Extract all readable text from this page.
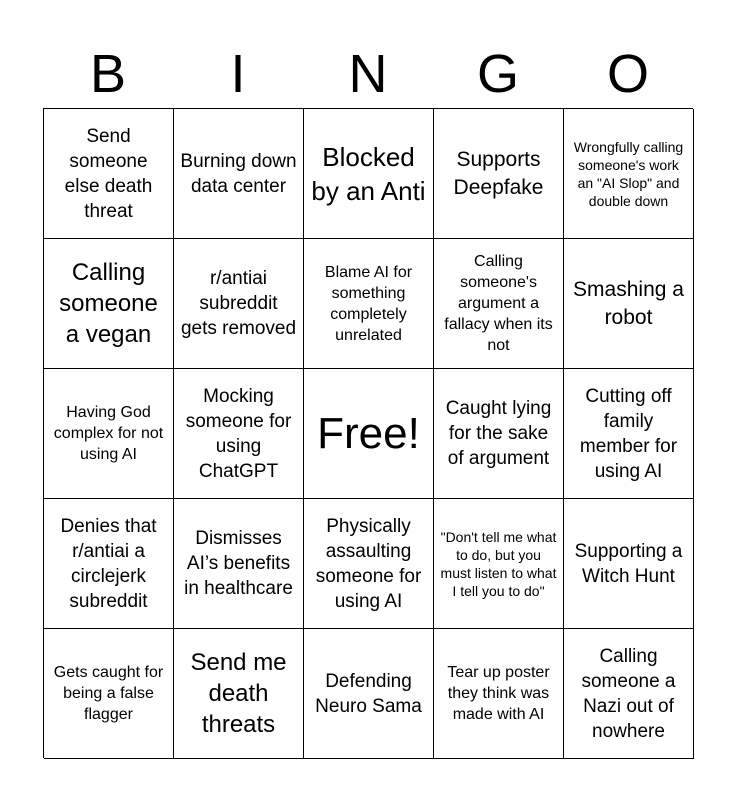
B	I	N	G	O
Send someone else death threat
Burning down data center
Blocked by an Anti
Supports Deepfake
Wrongfully calling someone's work an "AI Slop" and double down
Calling someone a vegan
r/antiai subreddit gets removed
Blame AI for something completely unrelated
Calling someone's argument a fallacy when its not
Smashing a robot
Having God complex for not using AI
Mocking someone for using ChatGPT
Free! Caught lying for the sake of argument
Cutting off family member for using AI
Denies that r/antiai a circlejerk subreddit
Dismisses AI’s benefits in healthcare
Physically assaulting someone for using AI
"Don't tell me what to do, but you must listen to what I tell you to do"
Supporting a Witch Hunt
Gets caught for being a false flagger
Send me death threats
Defending Neuro Sama
Tear up poster they think was made with AI
Calling someone a Nazi out of nowhere
